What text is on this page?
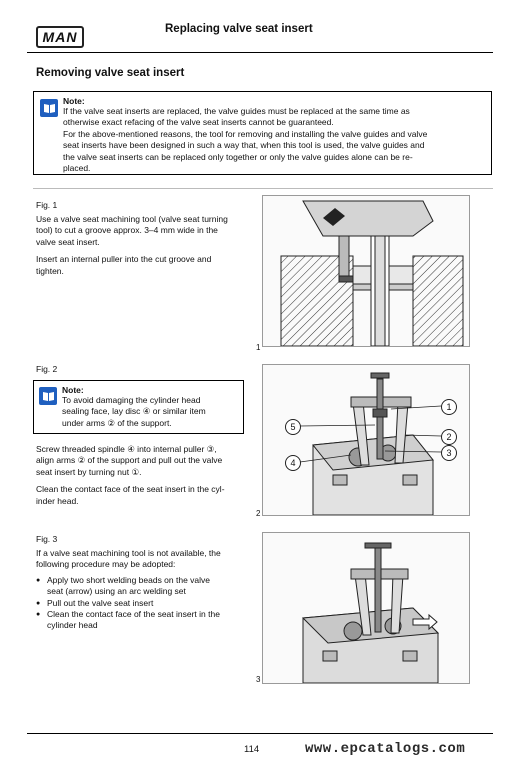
MAN	Replacing valve seat insert
Removing valve seat insert
Note:
If the valve seat inserts are replaced, the valve guides must be replaced at the same time as
otherwise exact refacing of the valve seat inserts cannot be guaranteed.
For the above-mentioned reasons, the tool for removing and installing the valve guides and valve
seat inserts have been designed in such a way that, when this tool is used, the valve guides and
the valve seat inserts can be replaced only together or only the valve guides alone can be re-
placed.
Fig. 1
Use a valve seat machining tool (valve seat turning
tool) to cut a groove approx. 3–4 mm wide in the
valve seat insert.
Insert an internal puller into the cut groove and
tighten.
1
Fig. 2
Note:
To avoid damaging the cylinder head
sealing face, lay disc ④ or similar item
under arms ② of the support.
Screw threaded spindle ④ into internal puller ③,
align arms ② of the support and pull out the valve
seat insert by turning nut ①.
Clean the contact face of the seat insert in the cyl-
inder head.
1
2
3
4
5
2
Fig. 3
If a valve seat machining tool is not available, the
following procedure may be adopted:
● Apply two short welding beads on the valve
seat (arrow) using an arc welding set
● Pull out the valve seat insert
● Clean the contact face of the seat insert in the
cylinder head
3
114	www.epcatalogs.com
